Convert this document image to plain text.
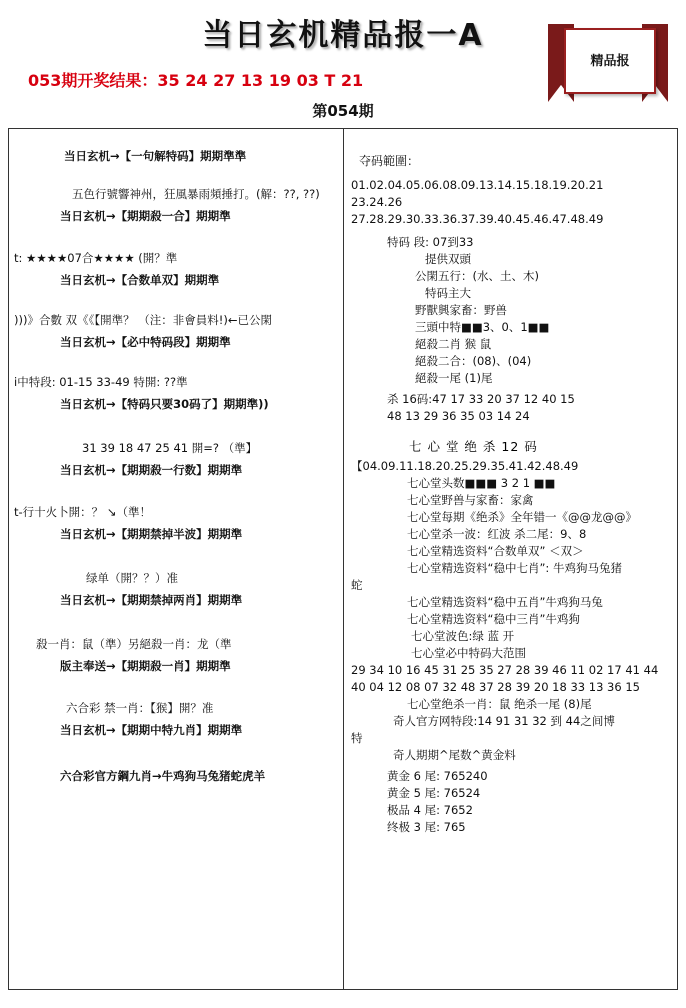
当日玄机精品报一A
精品报
053期开奖结果：35 24 27 13 19 03 T 21
第054期
当日玄机→【一句解特码】期期準準
五色行號響神州，狂風暴雨頻捶打。(解：??, ??)
当日玄机→【期期殺一合】期期準
t: ★★★★07合★★★★ (開？準
当日玄机→【合数单双】期期準
)))》合數 双《《【開準？ （注：非會員料!)←已公閑
当日玄机→【必中特码段】期期準
i中特段: 01-15 33-49 特開: ??準
当日玄机→【特码只要30码了】期期準))
31 39 18 47 25 41 開=? （準】
当日玄机→【期期殺一行数】期期準
t-行十火卜開：？ ↘（準！
当日玄机→【期期禁掉半波】期期準
绿单（開？？）准
当日玄机→【期期禁掉两肖】期期準
殺一肖：鼠（準）另絕殺一肖：龙（準
版主奉送→【期期殺一肖】期期準
六合彩 禁一肖：【猴】開？准
当日玄机→【期期中特九肖】期期準
六合彩官方鋼九肖→牛鸡狗马兔猪蛇虎羊
夺码範圍：
01.02.04.05.06.08.09.13.14.15.18.19.20.21
23.24.26
27.28.29.30.33.36.37.39.40.45.46.47.48.49
特码 段: 07到33
提供双頭
公閑五行：(水、土、木)
特码主大
野獸興家畜：野兽
三頭中特■■3、0、1■■
絕殺二肖 猴 鼠
絕殺二合：(08)、(04)
絕殺一尾 (1)尾
杀 16码:47 17 33 20 37 12 40 15
48 13 29 36 35 03 14 24
七 心 堂 绝 杀 12 码
【04.09.11.18.20.25.29.35.41.42.48.49
七心堂头数■■■ 3 2 1 ■■
七心堂野兽与家畜：家禽
七心堂每期《绝杀》全年错一《@@龙@@》
七心堂杀一波：红波 杀二尾：9、8
七心堂精选资料“合数单双” ＜双＞
七心堂精选资料“稳中七肖”: 牛鸡狗马兔猪
蛇
七心堂精选资料“稳中五肖”牛鸡狗马兔
七心堂精选资料“稳中三肖”牛鸡狗
七心堂波色:绿 蓝 开
七心堂必中特码大范围
29 34 10 16 45 31 25 35 27 28 39 46 11 02 17 41 44
40 04 12 08 07 32 48 37 28 39 20 18 33 13 36 15
七心堂绝杀一肖：鼠 绝杀一尾 (8)尾
奇人官方网特段:14 91 31 32 到 44之间博
特
奇人期期^尾数^黄金料
黄金 6 尾: 765240
黄金 5 尾: 76524
极品 4 尾: 7652
终极 3 尾: 765
